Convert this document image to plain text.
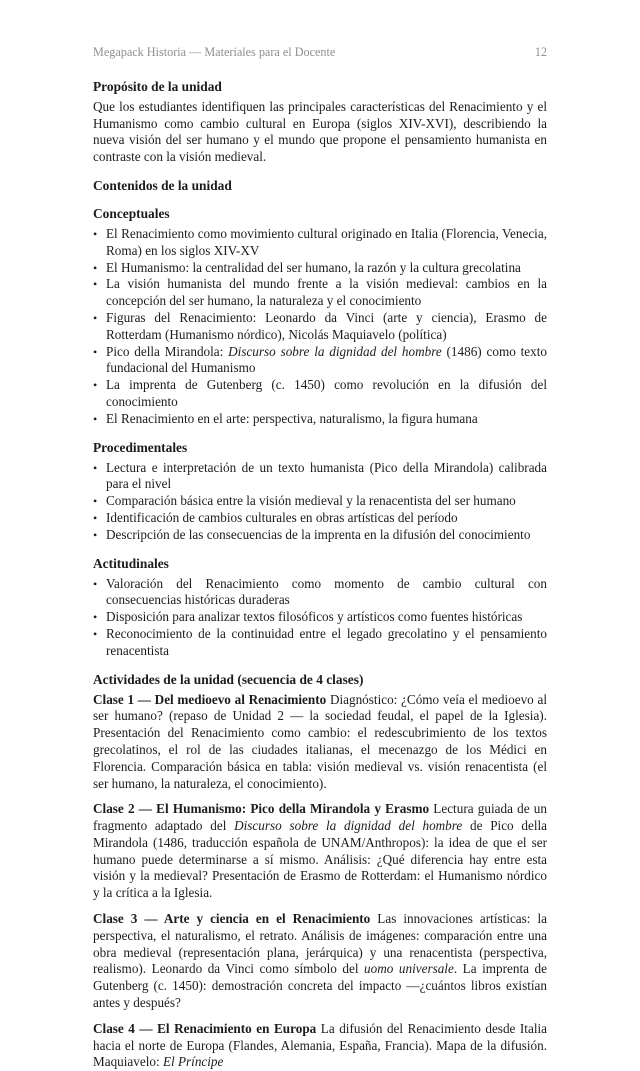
Megapack Historia — Materiales para el Docente	12
Propósito de la unidad

Que los estudiantes identifiquen las principales características del Renacimiento y el Humanismo como cambio cultural en Europa (siglos XIV-XVI), describiendo la nueva visión del ser humano y el mundo que propone el pensamiento humanista en contraste con la visión medieval.

Contenidos de la unidad
Conceptuales
• El Renacimiento como movimiento cultural originado en Italia (Florencia, Venecia, Roma) en los siglos XIV-XV
• El Humanismo: la centralidad del ser humano, la razón y la cultura grecolatina
• La visión humanista del mundo frente a la visión medieval: cambios en la concepción del ser humano, la naturaleza y el conocimiento
• Figuras del Renacimiento: Leonardo da Vinci (arte y ciencia), Erasmo de Rotterdam (Humanismo nórdico), Nicolás Maquiavelo (política)
• Pico della Mirandola: Discurso sobre la dignidad del hombre (1486) como texto fundacional del Humanismo
• La imprenta de Gutenberg (c. 1450) como revolución en la difusión del conocimiento
• El Renacimiento en el arte: perspectiva, naturalismo, la figura humana
Procedimentales
• Lectura e interpretación de un texto humanista (Pico della Mirandola) calibrada para el nivel
• Comparación básica entre la visión medieval y la renacentista del ser humano
• Identificación de cambios culturales en obras artísticas del período
• Descripción de las consecuencias de la imprenta en la difusión del conocimiento
Actitudinales
• Valoración del Renacimiento como momento de cambio cultural con consecuencias históricas duraderas
• Disposición para analizar textos filosóficos y artísticos como fuentes históricas
• Reconocimiento de la continuidad entre el legado grecolatino y el pensamiento renacentista
Actividades de la unidad (secuencia de 4 clases)

Clase 1 — Del medioevo al Renacimiento Diagnóstico: ¿Cómo veía el medioevo al ser humano? (repaso de Unidad 2 — la sociedad feudal, el papel de la Iglesia). Presentación del Renacimiento como cambio: el redescubrimiento de los textos grecolatinos, el rol de las ciudades italianas, el mecenazgo de los Médici en Florencia. Comparación básica en tabla: visión medieval vs. visión renacentista (el ser humano, la naturaleza, el conocimiento).

Clase 2 — El Humanismo: Pico della Mirandola y Erasmo Lectura guiada de un fragmento adaptado del Discurso sobre la dignidad del hombre de Pico della Mirandola (1486, traducción española de UNAM/Anthropos): la idea de que el ser humano puede determinarse a sí mismo. Análisis: ¿Qué diferencia hay entre esta visión y la medieval? Presentación de Erasmo de Rotterdam: el Humanismo nórdico y la crítica a la Iglesia.

Clase 3 — Arte y ciencia en el Renacimiento Las innovaciones artísticas: la perspectiva, el naturalismo, el retrato. Análisis de imágenes: comparación entre una obra medieval (representación plana, jerárquica) y una renacentista (perspectiva, realismo). Leonardo da Vinci como símbolo del uomo universale. La imprenta de Gutenberg (c. 1450): demostración concreta del impacto —¿cuántos libros existían antes y después?

Clase 4 — El Renacimiento en Europa La difusión del Renacimiento desde Italia hacia el norte de Europa (Flandes, Alemania, España, Francia). Mapa de la difusión. Maquiavelo: El Príncipe
